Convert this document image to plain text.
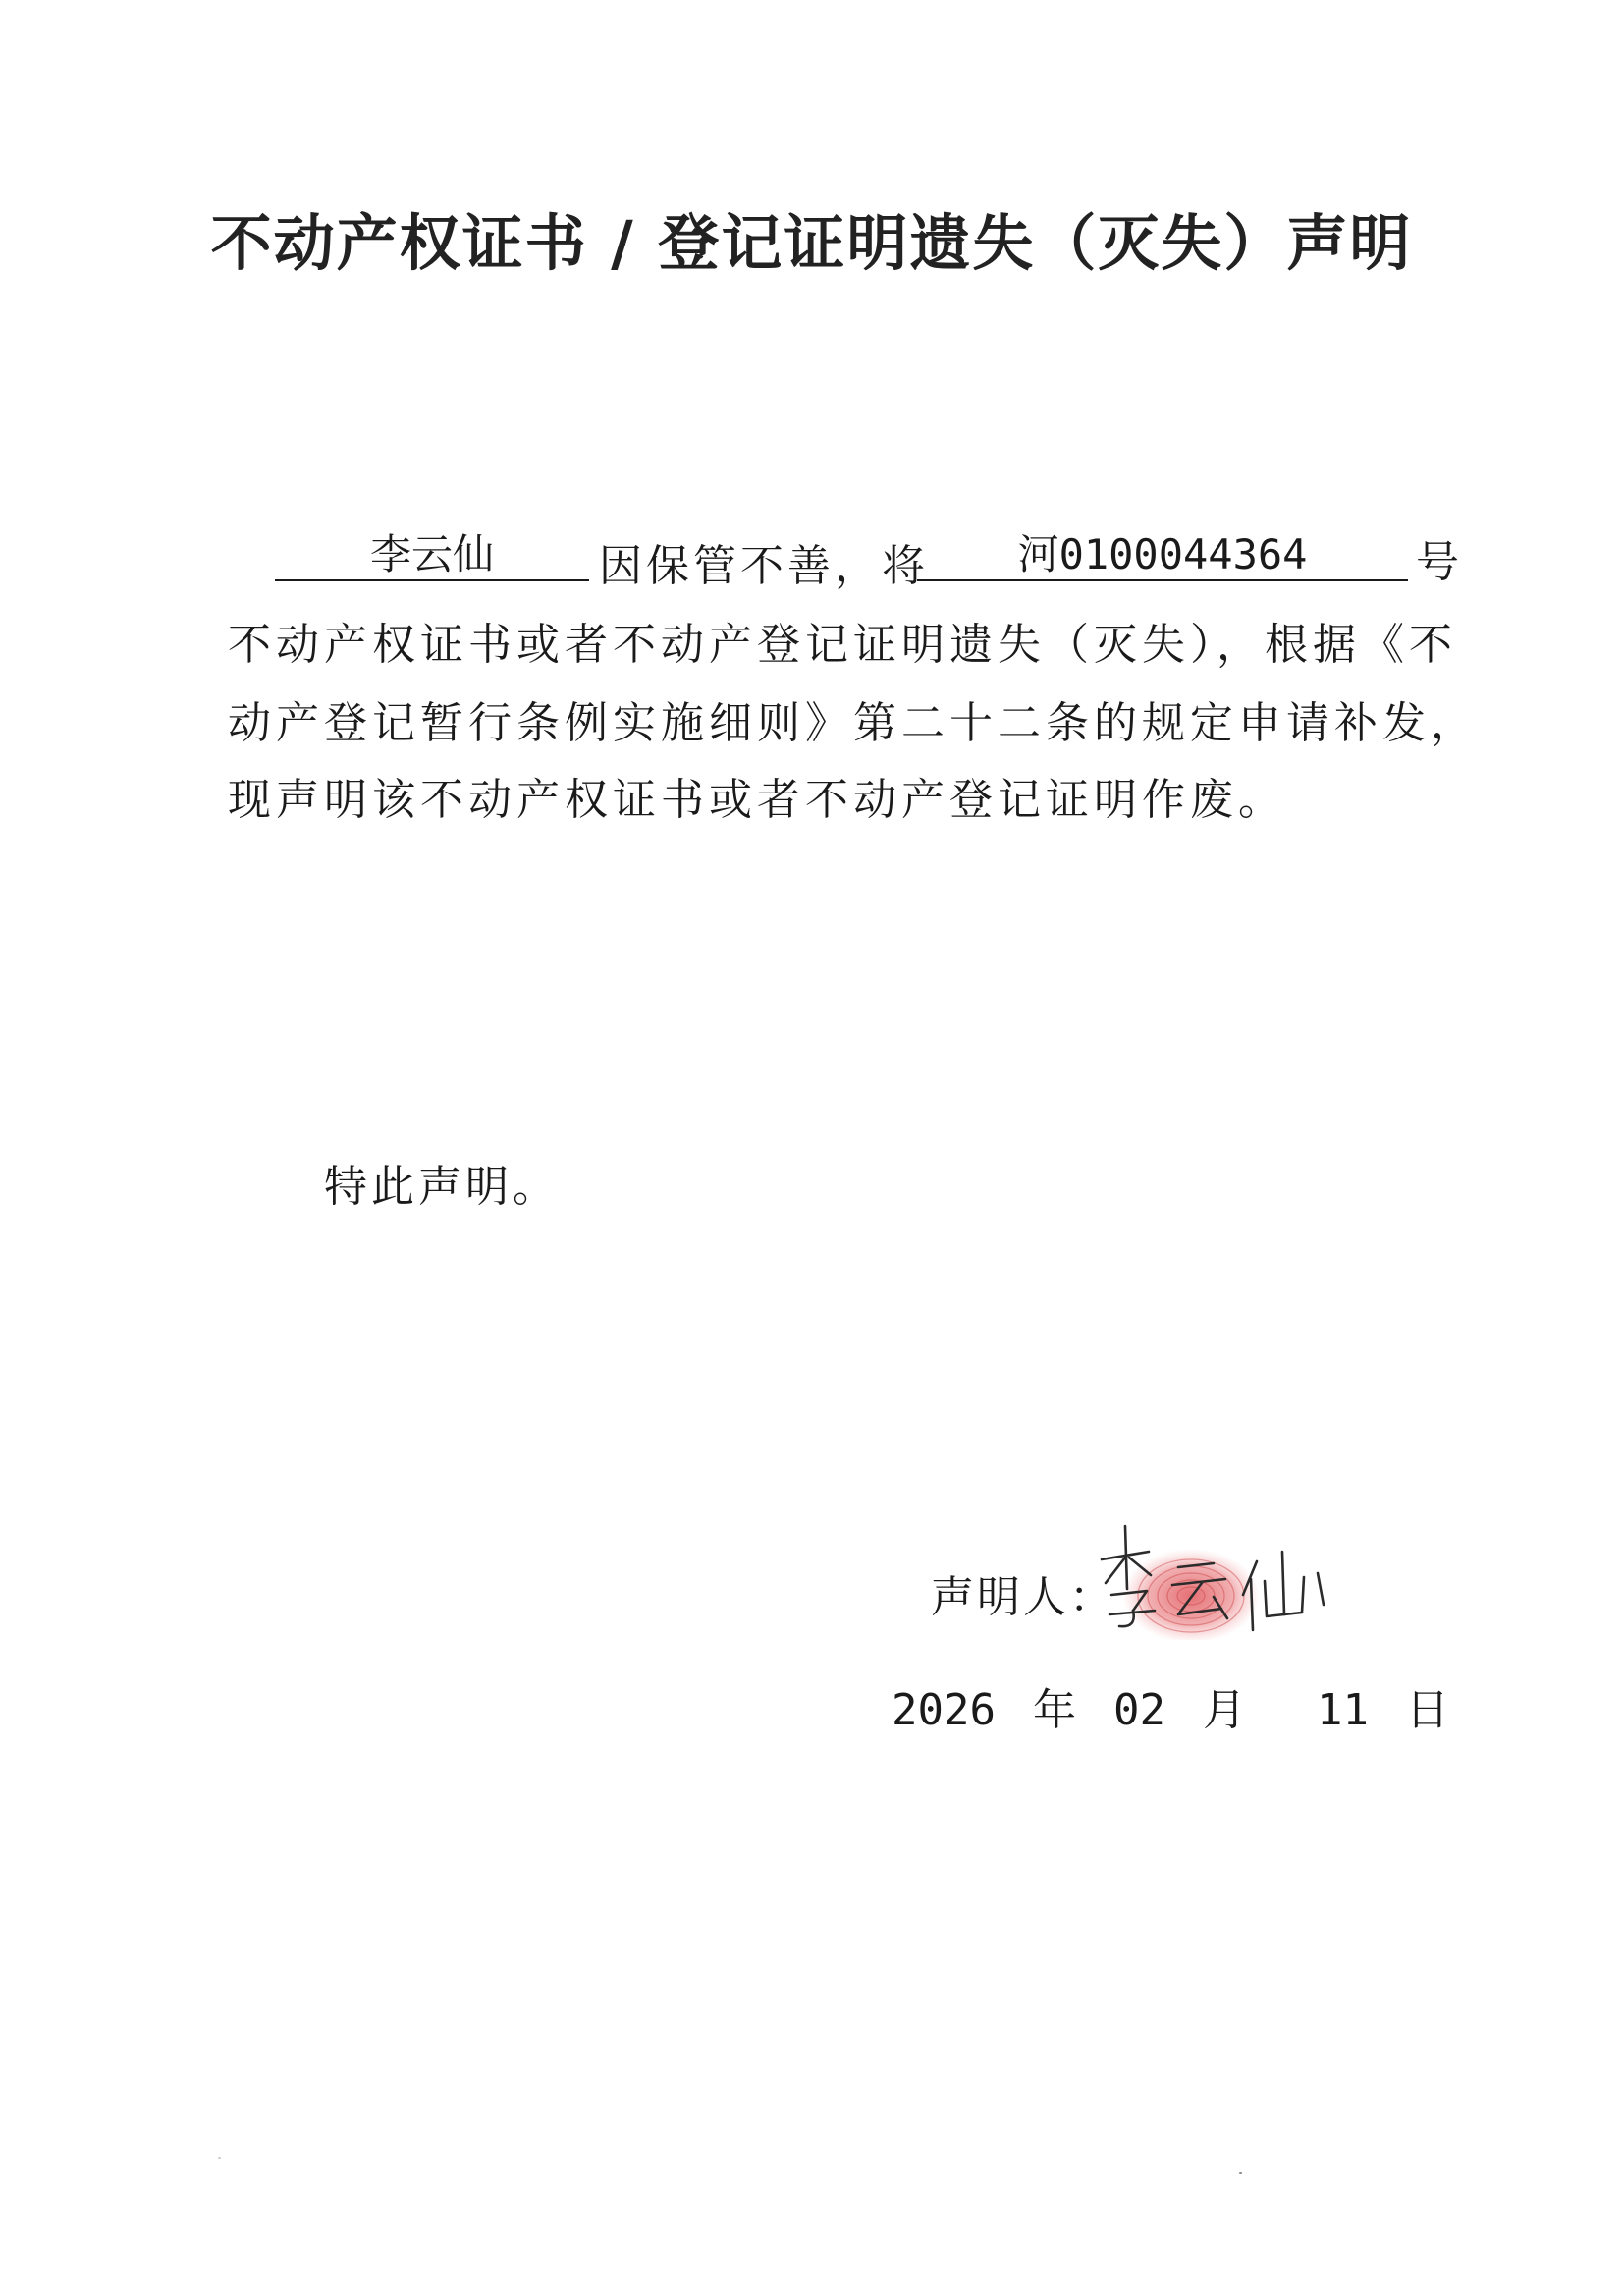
不动产权证书 / 登记证明遗失（灭失）声明
李云仙	因保管不善，将	河0100044364	号
不动产权证书或者不动产登记证明遗失（灭失），根据《不
动产登记暂行条例实施细则》第二十二条的规定申请补发，
现声明该不动产权证书或者不动产登记证明作废。
特此声明。
声明人：
2026 年 02 月 11 日
